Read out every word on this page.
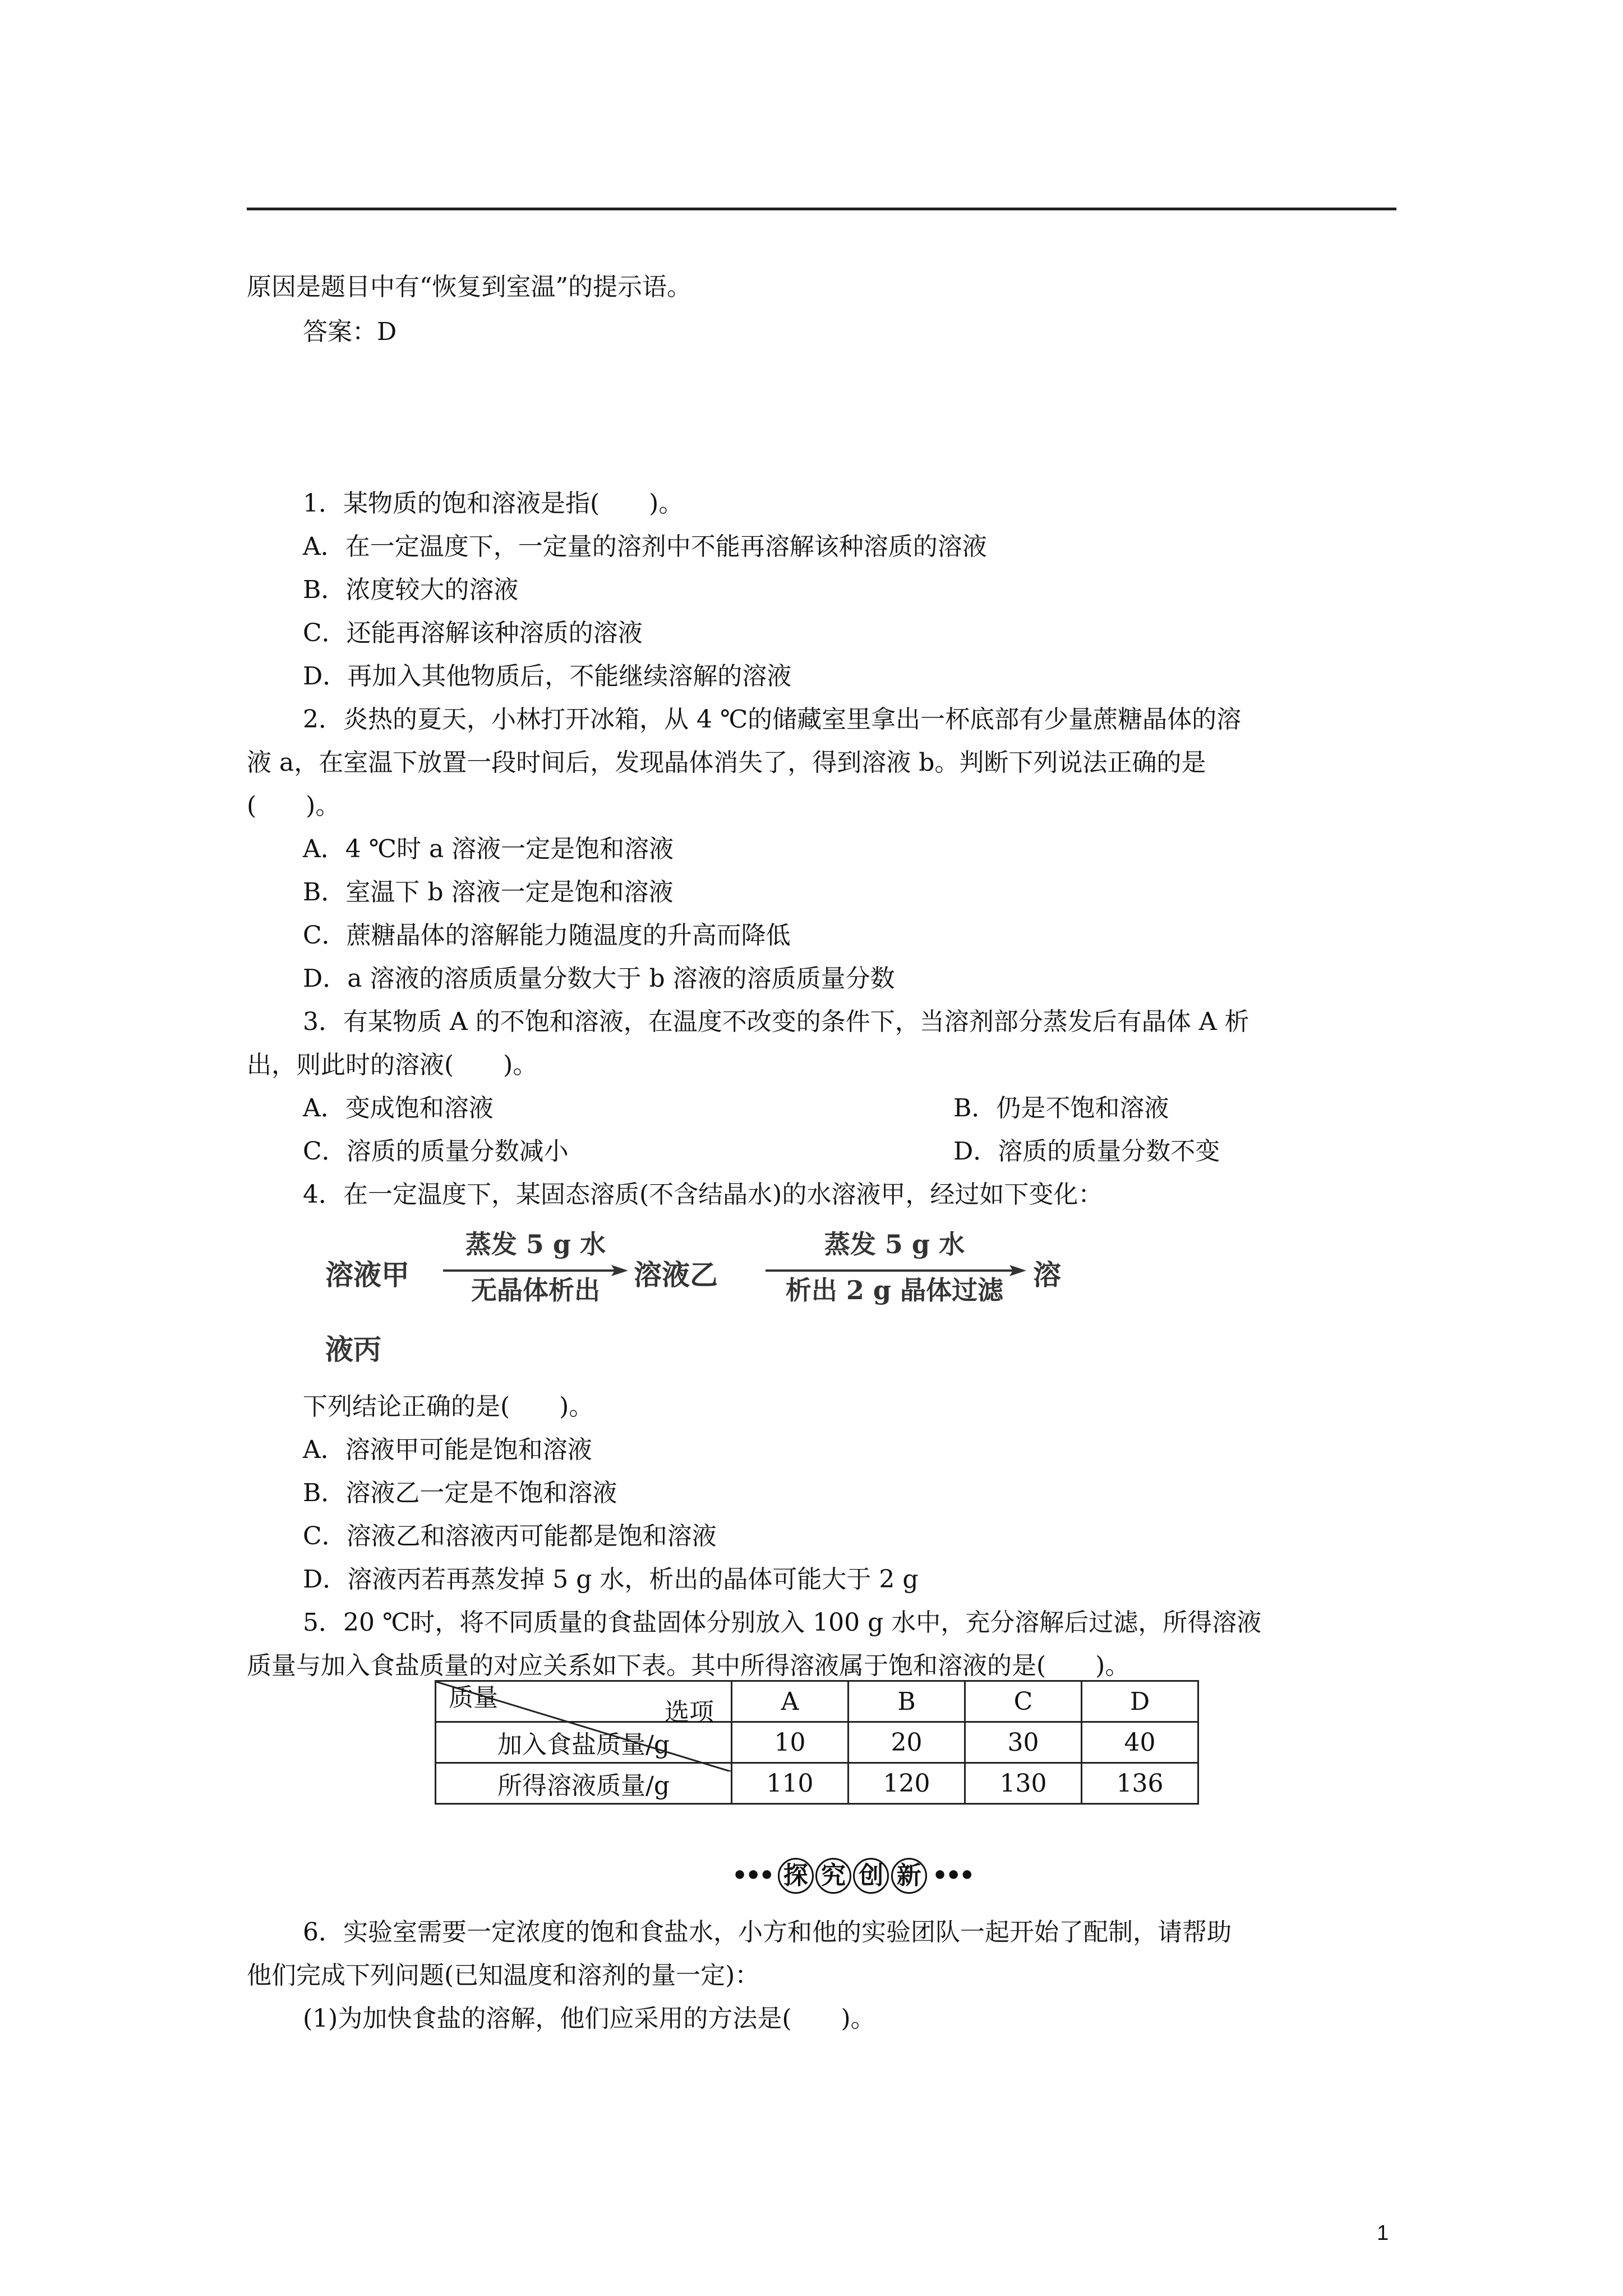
原因是题目中有“恢复到室温”的提示语。
答案：D
1．某物质的饱和溶液是指(　　)。
A．在一定温度下，一定量的溶剂中不能再溶解该种溶质的溶液
B．浓度较大的溶液
C．还能再溶解该种溶质的溶液
D．再加入其他物质后，不能继续溶解的溶液
2．炎热的夏天，小林打开冰箱，从 4 ℃的储藏室里拿出一杯底部有少量蔗糖晶体的溶
液 a，在室温下放置一段时间后，发现晶体消失了，得到溶液 b。判断下列说法正确的是
(　　)。
A．4 ℃时 a 溶液一定是饱和溶液
B．室温下 b 溶液一定是饱和溶液
C．蔗糖晶体的溶解能力随温度的升高而降低
D．a 溶液的溶质质量分数大于 b 溶液的溶质质量分数
3．有某物质 A 的不饱和溶液，在温度不改变的条件下，当溶剂部分蒸发后有晶体 A 析
出，则此时的溶液(　　)。
A．变成饱和溶液	B．仍是不饱和溶液
C．溶质的质量分数减小	D．溶质的质量分数不变
4．在一定温度下，某固态溶质(不含结晶水)的水溶液甲，经过如下变化：
溶液甲
蒸发 5 g 水
无晶体析出	溶液乙
蒸发 5 g 水
析出 2 g 晶体过滤	溶
液丙
下列结论正确的是(　　)。
A．溶液甲可能是饱和溶液
B．溶液乙一定是不饱和溶液
C．溶液乙和溶液丙可能都是饱和溶液
D．溶液丙若再蒸发掉 5 g 水，析出的晶体可能大于 2 g
5．20 ℃时，将不同质量的食盐固体分别放入 100 g 水中，充分溶解后过滤，所得溶液
质量与加入食盐质量的对应关系如下表。其中所得溶液属于饱和溶液的是(　　)。
选项
质量	A	B	C	D
加入食盐质量/g	10	20	30	40
所得溶液质量/g	110	120	130	136
••• 探 究 创 新 •••
6．实验室需要一定浓度的饱和食盐水，小方和他的实验团队一起开始了配制，请帮助
他们完成下列问题(已知温度和溶剂的量一定)：
(1)为加快食盐的溶解，他们应采用的方法是(　　)。
1
